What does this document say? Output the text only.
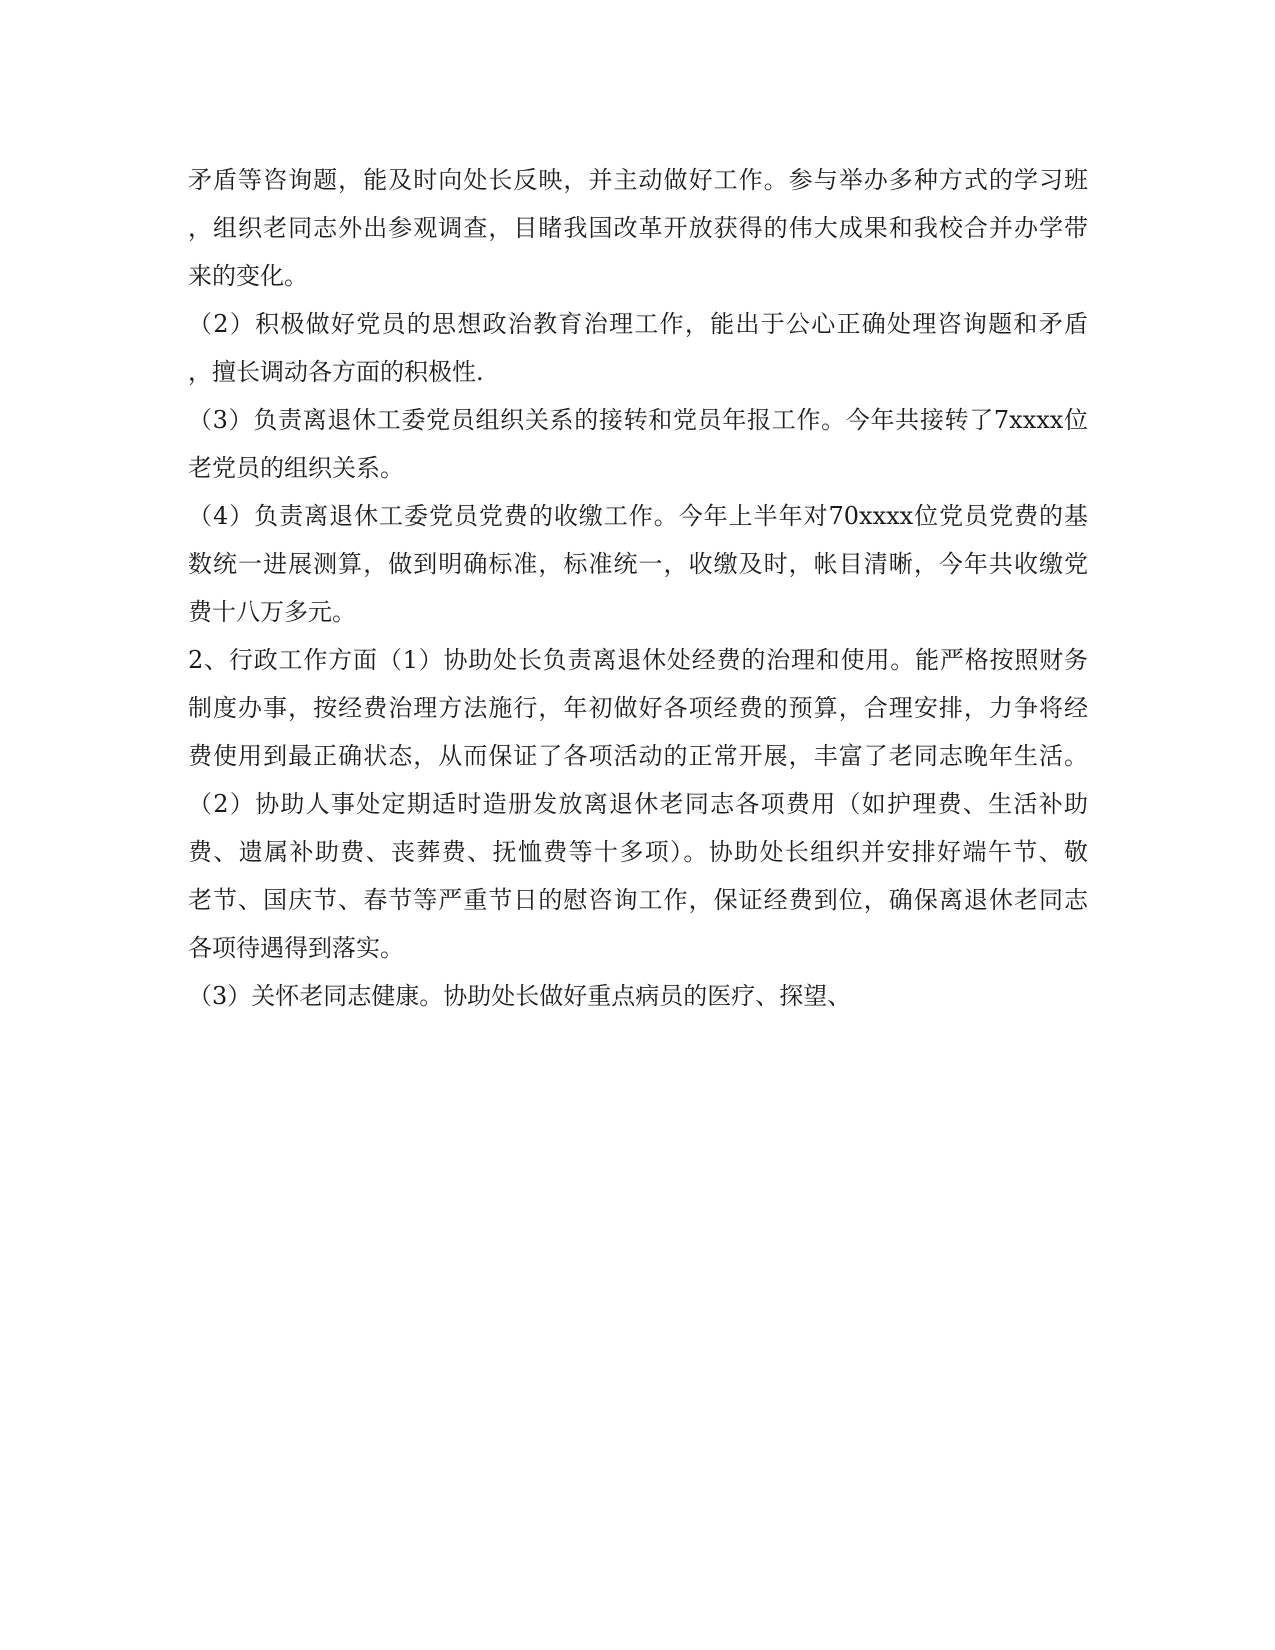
矛盾等咨询题，能及时向处长反映，并主动做好工作。参与举办多种方式的学习班
，组织老同志外出参观调查，目睹我国改革开放获得的伟大成果和我校合并办学带
来的变化。
（2）积极做好党员的思想政治教育治理工作，能出于公心正确处理咨询题和矛盾
，擅长调动各方面的积极性.
（3）负责离退休工委党员组织关系的接转和党员年报工作。今年共接转了7xxxx位
老党员的组织关系。
（4）负责离退休工委党员党费的收缴工作。今年上半年对70xxxx位党员党费的基
数统一进展测算，做到明确标准，标准统一，收缴及时，帐目清晰，今年共收缴党
费十八万多元。
2、行政工作方面（1）协助处长负责离退休处经费的治理和使用。能严格按照财务
制度办事，按经费治理方法施行，年初做好各项经费的预算，合理安排，力争将经
费使用到最正确状态，从而保证了各项活动的正常开展，丰富了老同志晚年生活。
（2）协助人事处定期适时造册发放离退休老同志各项费用（如护理费、生活补助
费、遗属补助费、丧葬费、抚恤费等十多项）。协助处长组织并安排好端午节、敬
老节、国庆节、春节等严重节日的慰咨询工作，保证经费到位，确保离退休老同志
各项待遇得到落实。
（3）关怀老同志健康。协助处长做好重点病员的医疗、探望、
